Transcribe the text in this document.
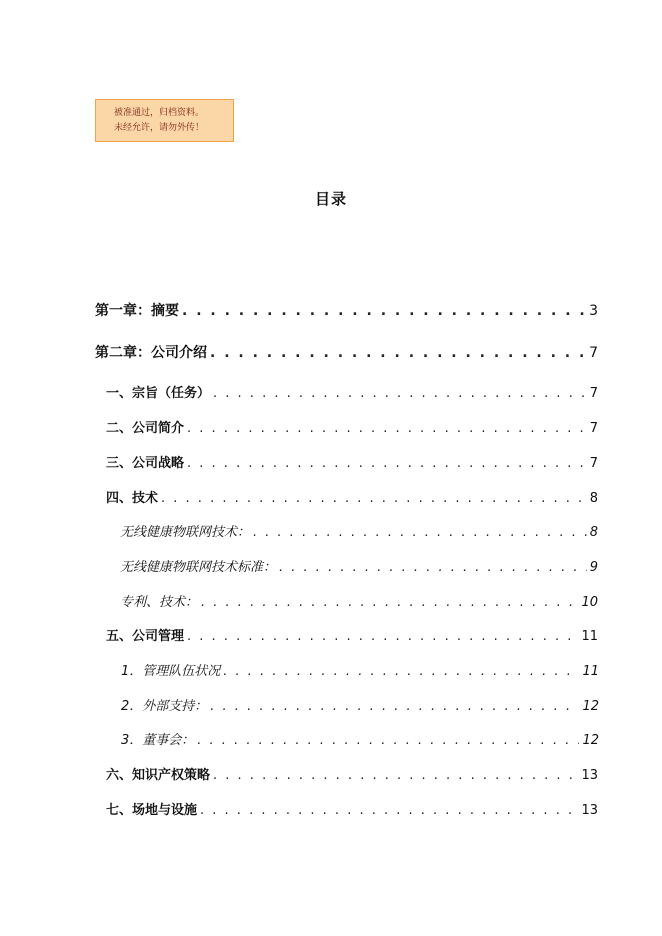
被准通过，归档资料。
未经允许，请勿外传！
目录
第一章：摘要 . . .	3
第二章：公司介绍 . . .	7
一、宗旨（任务） . . .	7
二、公司简介 . . .	7
三、公司战略 . . .	7
四、技术 . . .	8
无线健康物联网技术： . . .	8
无线健康物联网技术标准： . . .	9
专利、技术： . . .	10
五、公司管理 . . .	11
1．管理队伍状况 . . .	11
2．外部支持： . . .	12
3．董事会： . . .	12
六、知识产权策略 . . .	13
七、场地与设施 . . .	13
